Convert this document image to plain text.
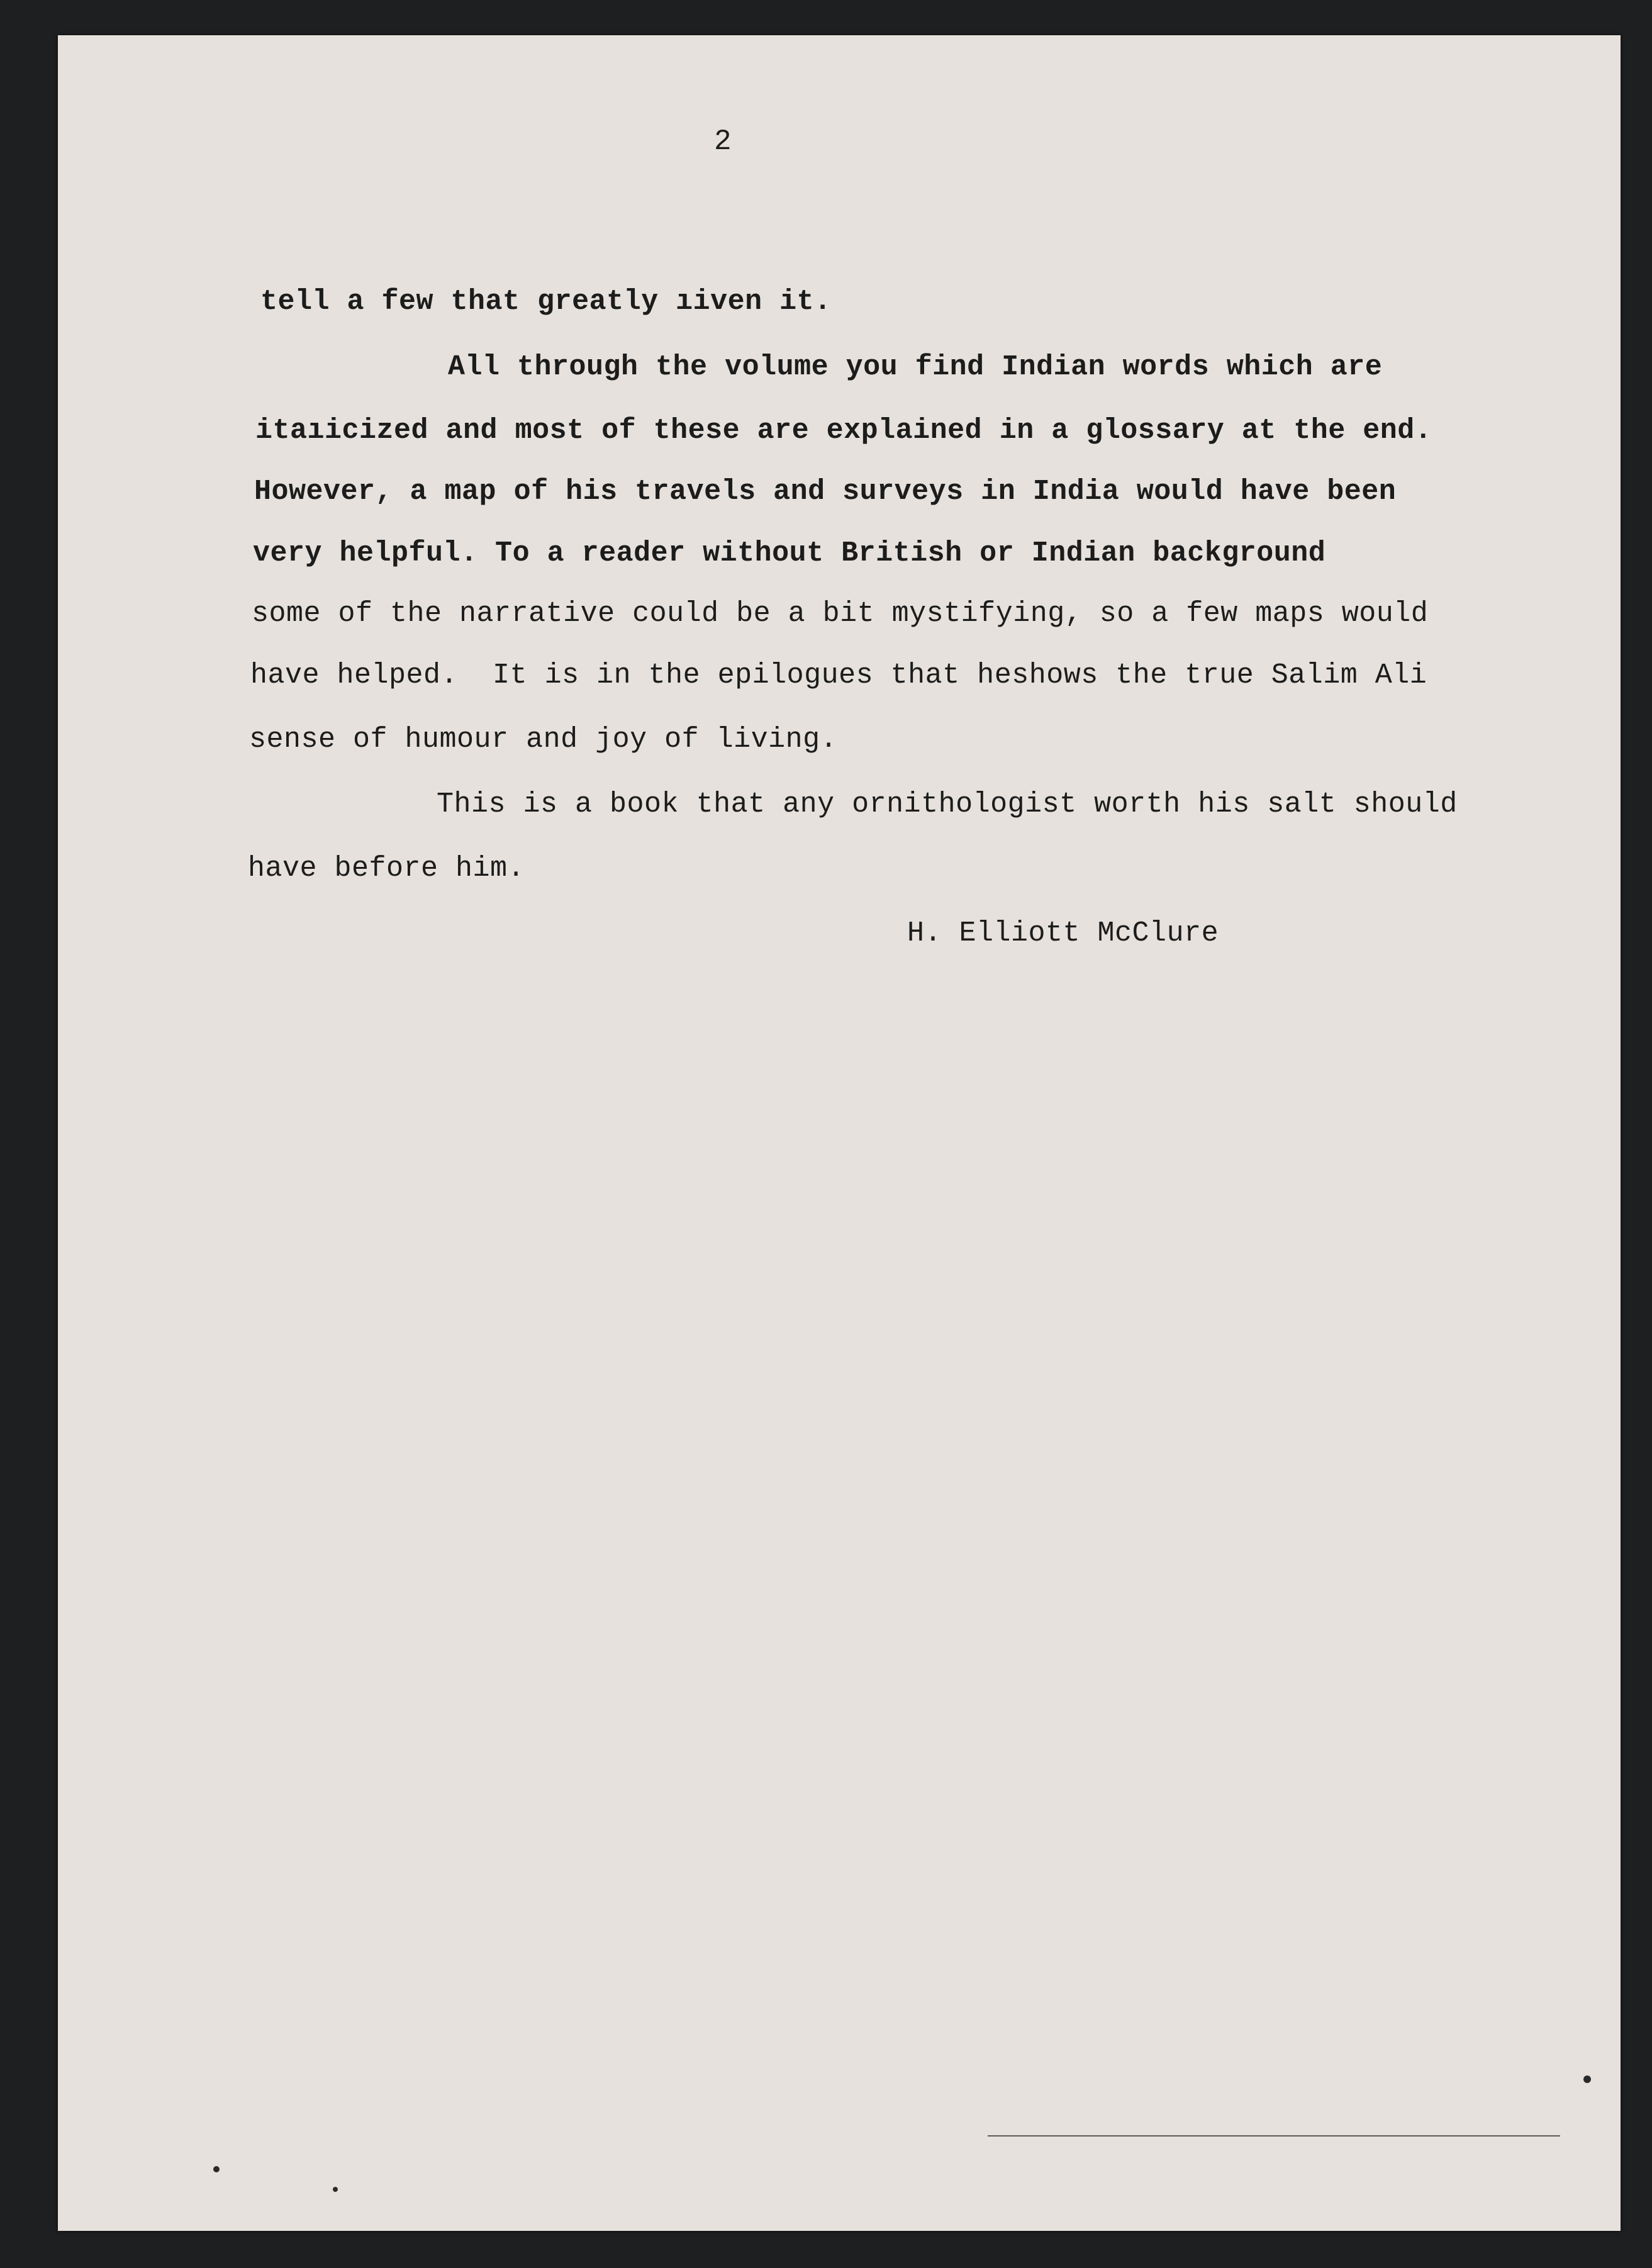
2
tell a few that greatly ıiven it.
All through the volume you find Indian words which are
itaıicized and most of these are explained in a glossary at the end.
However, a map of his travels and surveys in India would have been
very helpful. To a reader without British or Indian background
some of the narrative could be a bit mystifying, so a few maps would
have helped.  It is in the epilogues that heshows the true Salim Ali
sense of humour and joy of living.
This is a book that any ornithologist worth his salt should
have before him.
H. Elliott McClure
